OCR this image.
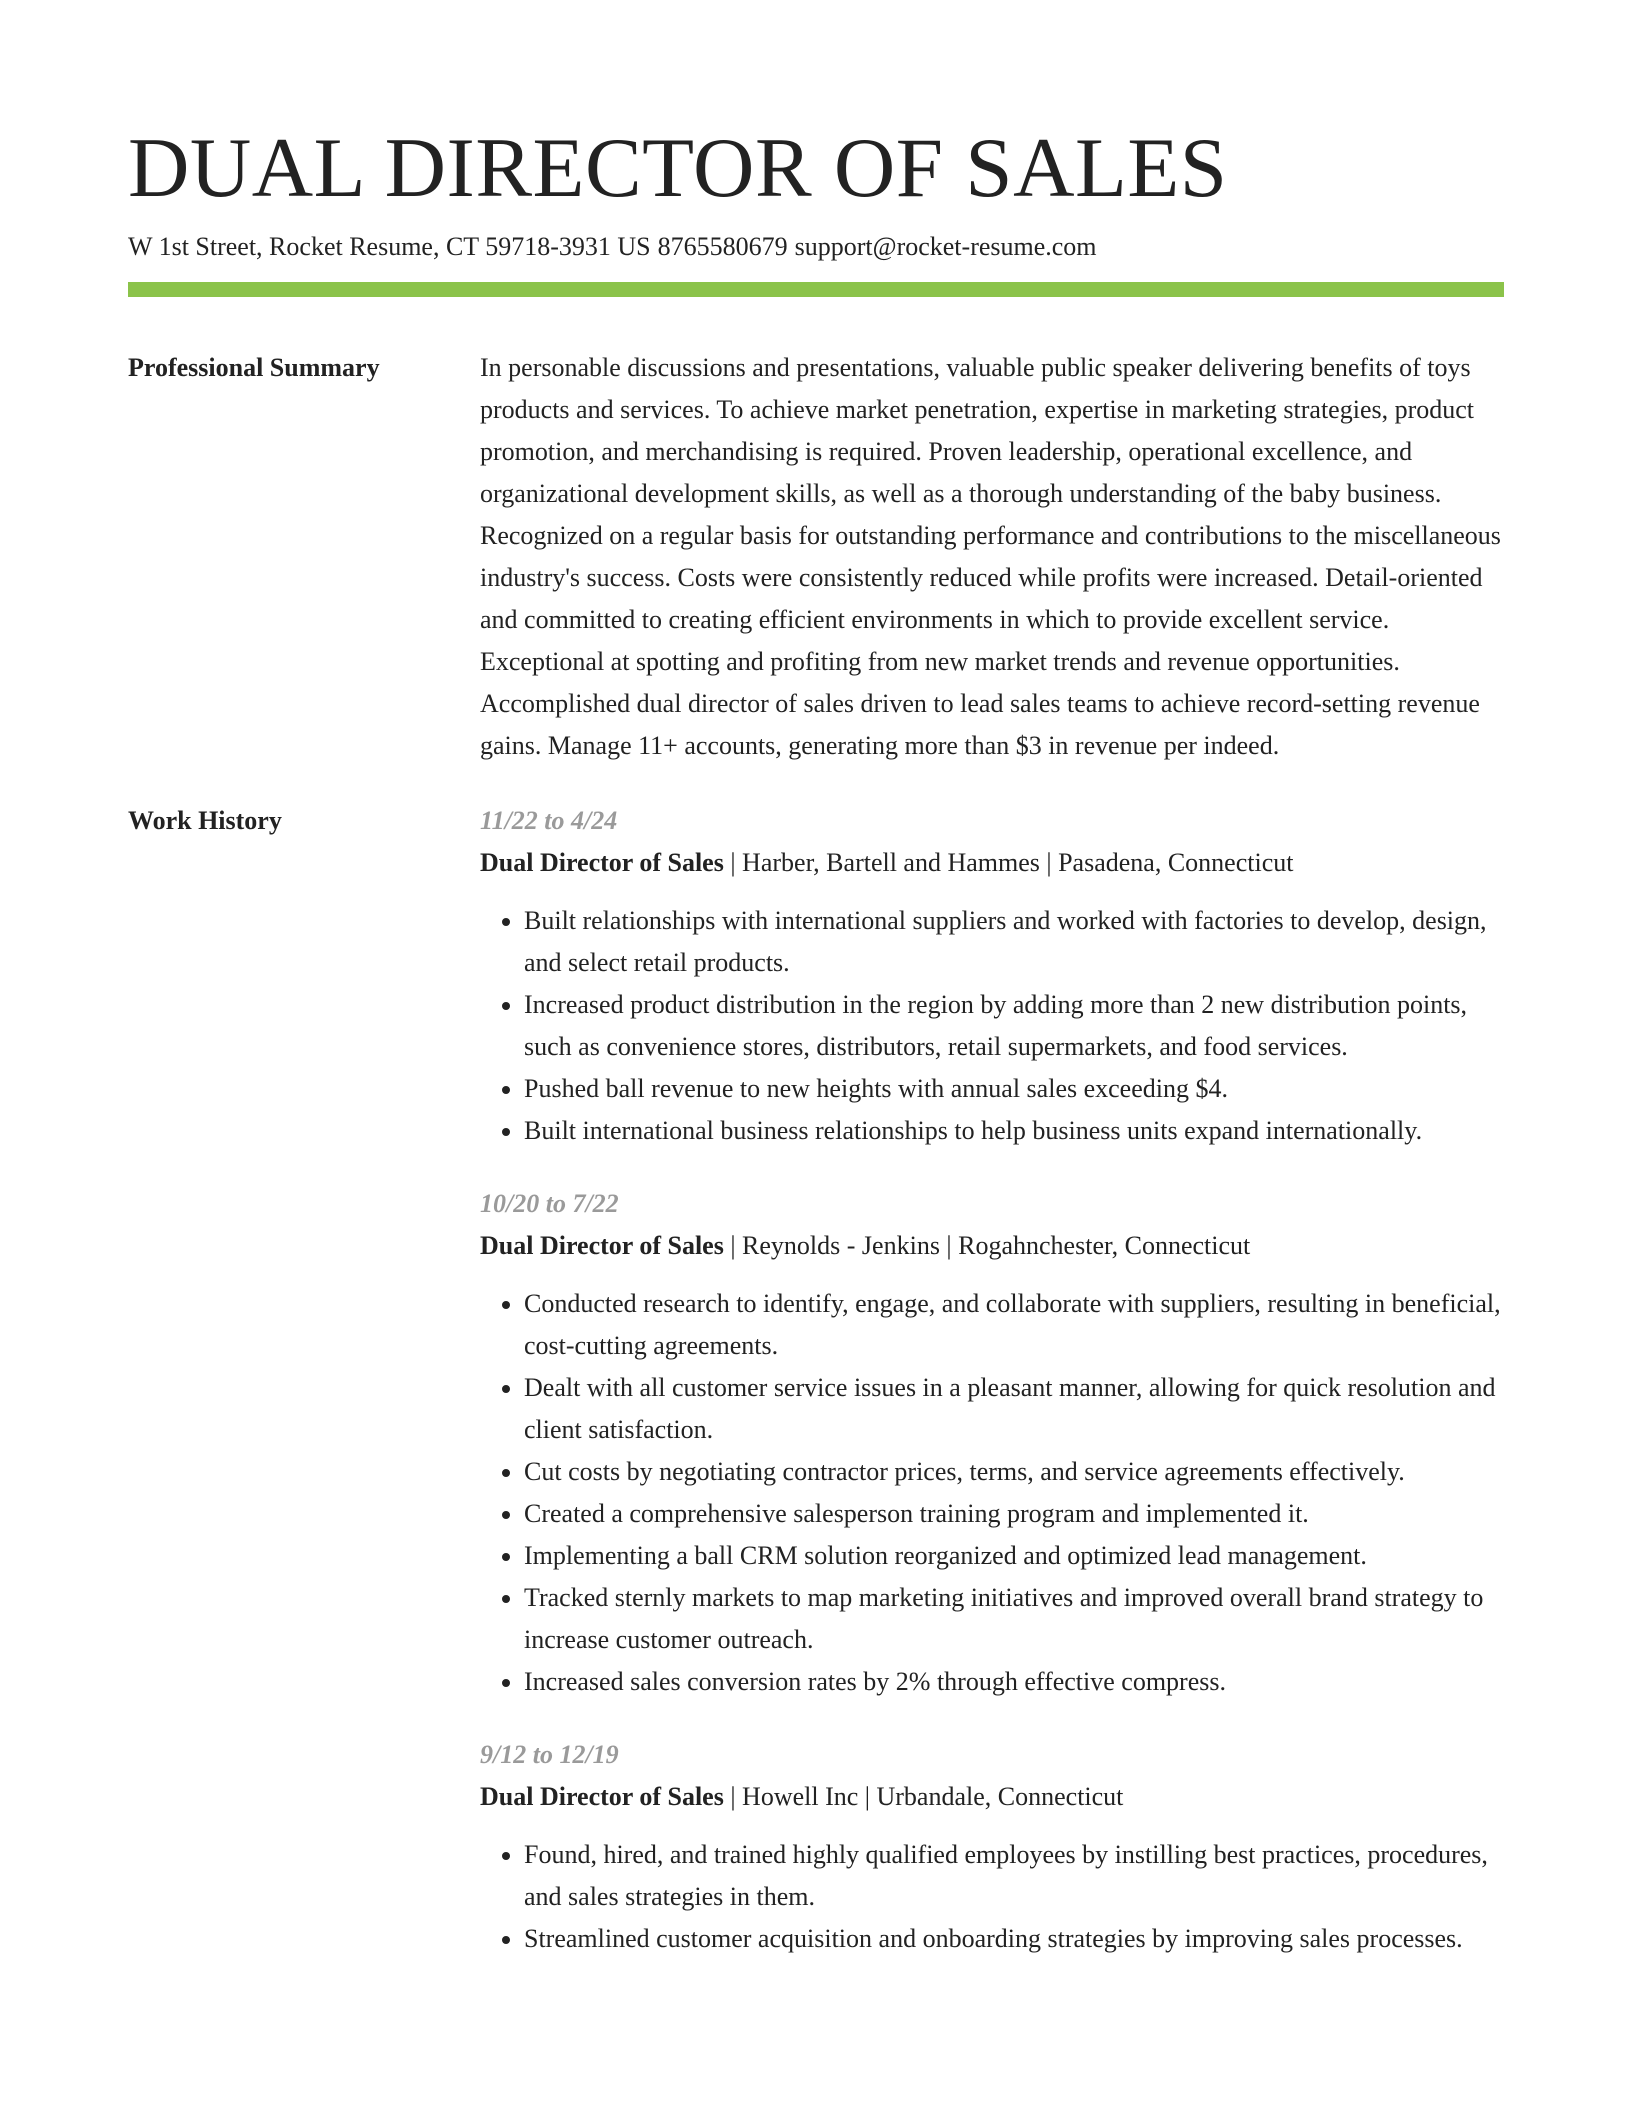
DUAL DIRECTOR OF SALES
W 1st Street, Rocket Resume, CT 59718-3931 US 8765580679 support@rocket-resume.com
Professional Summary	In personable discussions and presentations, valuable public speaker delivering benefits of toys products and services. To achieve market penetration, expertise in marketing strategies, product promotion, and merchandising is required. Proven leadership, operational excellence, and organizational development skills, as well as a thorough understanding of the baby business. Recognized on a regular basis for outstanding performance and contributions to the miscellaneous industry's success. Costs were consistently reduced while profits were increased. Detail-oriented and committed to creating efficient environments in which to provide excellent service. Exceptional at spotting and profiting from new market trends and revenue opportunities. Accomplished dual director of sales driven to lead sales teams to achieve record-setting revenue gains. Manage 11+ accounts, generating more than $3 in revenue per indeed.

Work History	11/22 to 4/24
Dual Director of Sales | Harber, Bartell and Hammes | Pasadena, Connecticut
• Built relationships with international suppliers and worked with factories to develop, design, and select retail products.
• Increased product distribution in the region by adding more than 2 new distribution points, such as convenience stores, distributors, retail supermarkets, and food services.
• Pushed ball revenue to new heights with annual sales exceeding $4.
• Built international business relationships to help business units expand internationally.
10/20 to 7/22
Dual Director of Sales | Reynolds - Jenkins | Rogahnchester, Connecticut
• Conducted research to identify, engage, and collaborate with suppliers, resulting in beneficial, cost-cutting agreements.
• Dealt with all customer service issues in a pleasant manner, allowing for quick resolution and client satisfaction.
• Cut costs by negotiating contractor prices, terms, and service agreements effectively.
• Created a comprehensive salesperson training program and implemented it.
• Implementing a ball CRM solution reorganized and optimized lead management.
• Tracked sternly markets to map marketing initiatives and improved overall brand strategy to increase customer outreach.
• Increased sales conversion rates by 2% through effective compress.
9/12 to 12/19
Dual Director of Sales | Howell Inc | Urbandale, Connecticut
• Found, hired, and trained highly qualified employees by instilling best practices, procedures, and sales strategies in them.
• Streamlined customer acquisition and onboarding strategies by improving sales processes.
